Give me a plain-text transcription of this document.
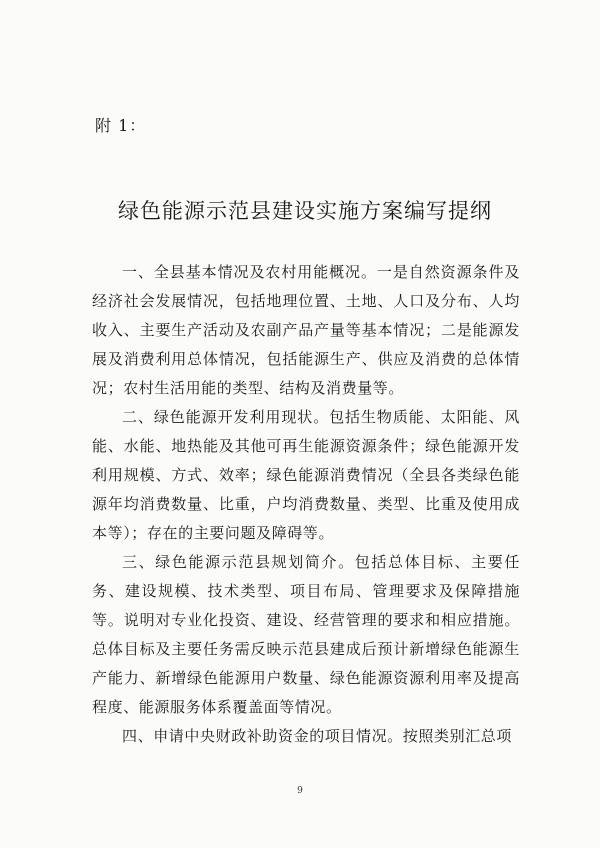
附 1：
绿色能源示范县建设实施方案编写提纲

一、全县基本情况及农村用能概况。一是自然资源条件及经济社会发展情况，包括地理位置、土地、人口及分布、人均收入、主要生产活动及农副产品产量等基本情况；二是能源发展及消费利用总体情况，包括能源生产、供应及消费的总体情况；农村生活用能的类型、结构及消费量等。

二、绿色能源开发利用现状。包括生物质能、太阳能、风能、水能、地热能及其他可再生能源资源条件；绿色能源开发利用规模、方式、效率；绿色能源消费情况（全县各类绿色能源年均消费数量、比重，户均消费数量、类型、比重及使用成本等）；存在的主要问题及障碍等。

三、绿色能源示范县规划简介。包括总体目标、主要任务、建设规模、技术类型、项目布局、管理要求及保障措施等。说明对专业化投资、建设、经营管理的要求和相应措施。总体目标及主要任务需反映示范县建成后预计新增绿色能源生产能力、新增绿色能源用户数量、绿色能源资源利用率及提高程度、能源服务体系覆盖面等情况。

四、申请中央财政补助资金的项目情况。按照类别汇总项

9
